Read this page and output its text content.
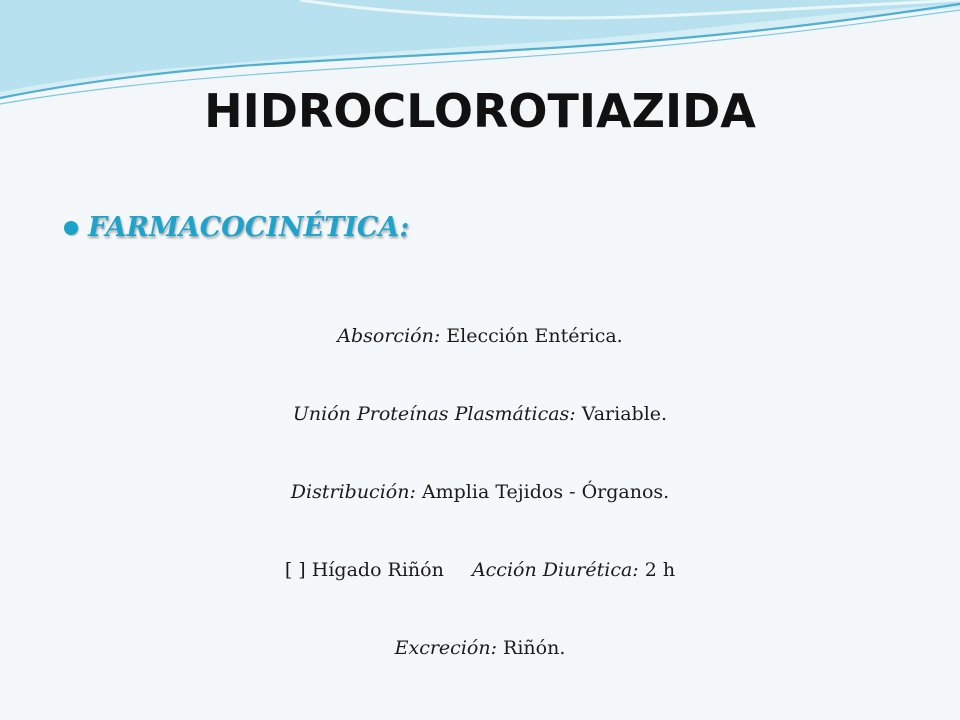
HIDROCLOROTIAZIDA
FARMACOCINÉTICA:
Absorción: Elección Entérica.
Unión Proteínas Plasmáticas: Variable.
Distribución: Amplia Tejidos - Órganos.
[ ] Hígado Riñón Acción Diurética: 2 h
Excreción: Riñón.
